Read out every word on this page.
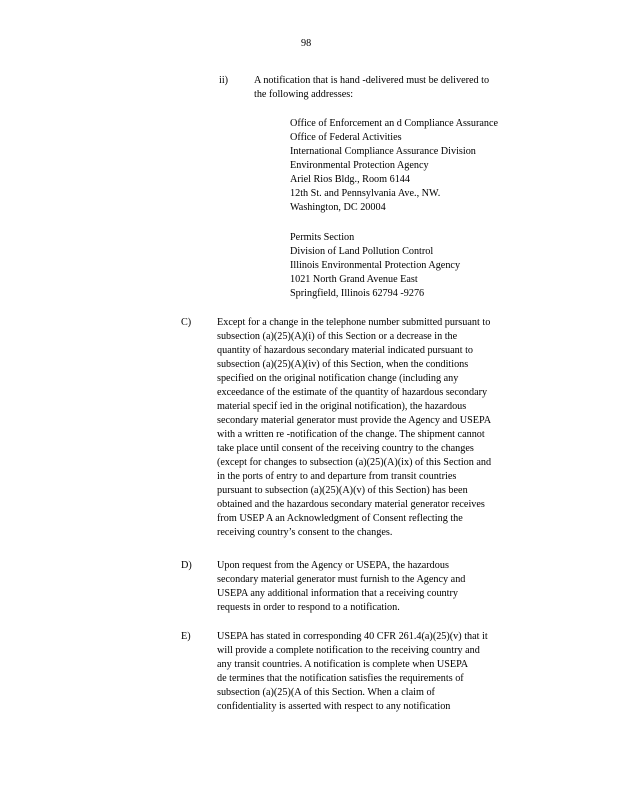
98
ii)	A notification that is hand -delivered must be delivered to
the following addresses:
Office of Enforcement an d Compliance Assurance
Office of Federal Activities
International Compliance Assurance Division
Environmental Protection Agency
Ariel Rios Bldg., Room 6144
12th St. and Pennsylvania Ave., NW.
Washington, DC 20004
Permits Section
Division of Land Pollution Control
Illinois Environmental Protection Agency
1021 North Grand Avenue East
Springfield, Illinois 62794 -9276
C)	Except for a change in the telephone number submitted pursuant to
subsection (a)(25)(A)(i) of this Section or a decrease in the
quantity of hazardous secondary material indicated pursuant to
subsection (a)(25)(A)(iv) of this Section, when the conditions
specified on the original notification change (including any
exceedance of the estimate of the quantity of hazardous secondary
material specif ied in the original notification), the hazardous
secondary material generator must provide the Agency and USEPA
with a written re -notification of the change. The shipment cannot
take place until consent of the receiving country to the changes
(except for changes to subsection (a)(25)(A)(ix) of this Section and
in the ports of entry to and departure from transit countries
pursuant to subsection (a)(25)(A)(v) of this Section) has been
obtained and the hazardous secondary material generator receives
from USEP A an Acknowledgment of Consent reflecting the
receiving country’s consent to the changes.
D) Upon request from the Agency or USEPA, the hazardous
secondary material generator must furnish to the Agency and
USEPA any additional information that a receiving country
requests in order to respond to a notification.
E)	USEPA has stated in corresponding 40 CFR 261.4(a)(25)(v) that it
will provide a complete notification to the receiving country and
any transit countries. A notification is complete when USEPA
de termines that the notification satisfies the requirements of
subsection (a)(25)(A of this Section. When a claim of
confidentiality is asserted with respect to any notification
